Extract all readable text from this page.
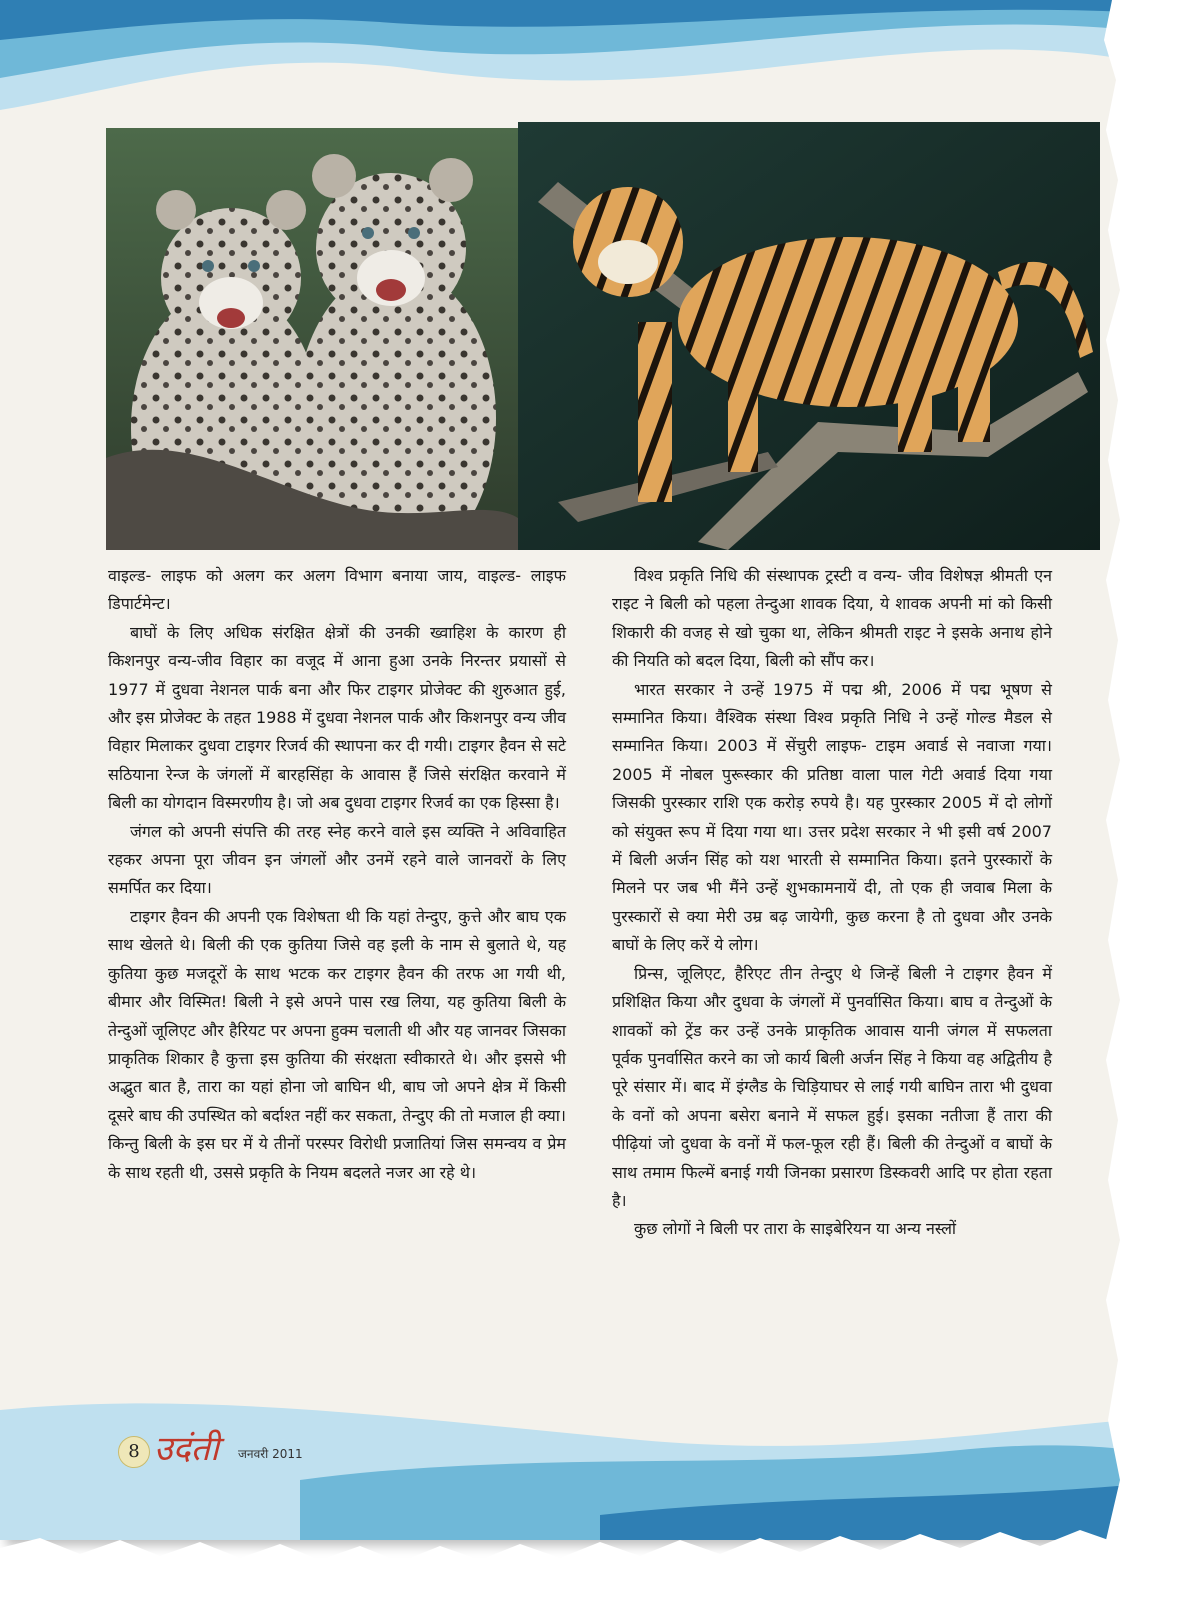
वाइल्ड- लाइफ को अलग कर अलग विभाग बनाया जाय, वाइल्ड- लाइफ डिपार्टमेन्ट।

बाघों के लिए अधिक संरक्षित क्षेत्रों की उनकी ख्वाहिश के कारण ही किशनपुर वन्य-जीव विहार का वजूद में आना हुआ उनके निरन्तर प्रयासों से 1977 में दुधवा नेशनल पार्क बना और फिर टाइगर प्रोजेक्ट की शुरुआत हुई, और इस प्रोजेक्ट के तहत 1988 में दुधवा नेशनल पार्क और किशनपुर वन्य जीव विहार मिलाकर दुधवा टाइगर रिजर्व की स्थापना कर दी गयी। टाइगर हैवन से सटे सठियाना रेन्ज के जंगलों में बारहसिंहा के आवास हैं जिसे संरक्षित करवाने में बिली का योगदान विस्मरणीय है। जो अब दुधवा टाइगर रिजर्व का एक हिस्सा है।

जंगल को अपनी संपत्ति की तरह स्नेह करने वाले इस व्यक्ति ने अविवाहित रहकर अपना पूरा जीवन इन जंगलों और उनमें रहने वाले जानवरों के लिए समर्पित कर दिया।

टाइगर हैवन की अपनी एक विशेषता थी कि यहां तेन्दुए, कुत्ते और बाघ एक साथ खेलते थे। बिली की एक कुतिया जिसे वह इली के नाम से बुलाते थे, यह कुतिया कुछ मजदूरों के साथ भटक कर टाइगर हैवन की तरफ आ गयी थी, बीमार और विस्मित! बिली ने इसे अपने पास रख लिया, यह कुतिया बिली के तेन्दुओं जूलिएट और हैरियट पर अपना हुक्म चलाती थी और यह जानवर जिसका प्राकृतिक शिकार है कुत्ता इस कुतिया की संरक्षता स्वीकारते थे। और इससे भी अद्भुत बात है, तारा का यहां होना जो बाघिन थी, बाघ जो अपने क्षेत्र में किसी दूसरे बाघ की उपस्थित को बर्दाश्त नहीं कर सकता, तेन्दुए की तो मजाल ही क्या। किन्तु बिली के इस घर में ये तीनों परस्पर विरोधी प्रजातियां जिस समन्वय व प्रेम के साथ रहती थी, उससे प्रकृति के नियम बदलते नजर आ रहे थे।

विश्व प्रकृति निधि की संस्थापक ट्रस्टी व वन्य- जीव विशेषज्ञ श्रीमती एन राइट ने बिली को पहला तेन्दुआ शावक दिया, ये शावक अपनी मां को किसी शिकारी की वजह से खो चुका था, लेकिन श्रीमती राइट ने इसके अनाथ होने की नियति को बदल दिया, बिली को सौंप कर।

भारत सरकार ने उन्हें 1975 में पद्म श्री, 2006 में पद्म भूषण से सम्मानित किया। वैश्विक संस्था विश्व प्रकृति निधि ने उन्हें गोल्ड मैडल से सम्मानित किया। 2003 में सेंचुरी लाइफ- टाइम अवार्ड से नवाजा गया। 2005 में नोबल पुरूस्कार की प्रतिष्ठा वाला पाल गेटी अवार्ड दिया गया जिसकी पुरस्कार राशि एक करोड़ रुपये है। यह पुरस्कार 2005 में दो लोगों को संयुक्त रूप में दिया गया था। उत्तर प्रदेश सरकार ने भी इसी वर्ष 2007 में बिली अर्जन सिंह को यश भारती से सम्मानित किया। इतने पुरस्कारों के मिलने पर जब भी मैंने उन्हें शुभकामनायें दी, तो एक ही जवाब मिला के पुरस्कारों से क्या मेरी उम्र बढ़ जायेगी, कुछ करना है तो दुधवा और उनके बाघों के लिए करें ये लोग।

प्रिन्स, जूलिएट, हैरिएट तीन तेन्दुए थे जिन्हें बिली ने टाइगर हैवन में प्रशिक्षित किया और दुधवा के जंगलों में पुनर्वासित किया। बाघ व तेन्दुओं के शावकों को ट्रेंड कर उन्हें उनके प्राकृतिक आवास यानी जंगल में सफलता पूर्वक पुनर्वासित करने का जो कार्य बिली अर्जन सिंह ने किया वह अद्वितीय है पूरे संसार में। बाद में इंग्लैड के चिड़ियाघर से लाई गयी बाघिन तारा भी दुधवा के वनों को अपना बसेरा बनाने में सफल हुई। इसका नतीजा हैं तारा की पीढ़ियां जो दुधवा के वनों में फल-फूल रही हैं। बिली की तेन्दुओं व बाघों के साथ तमाम फिल्में बनाई गयी जिनका प्रसारण डिस्कवरी आदि पर होता रहता है।

कुछ लोगों ने बिली पर तारा के साइबेरियन या अन्य नस्लों

8 उदंती जनवरी 2011
